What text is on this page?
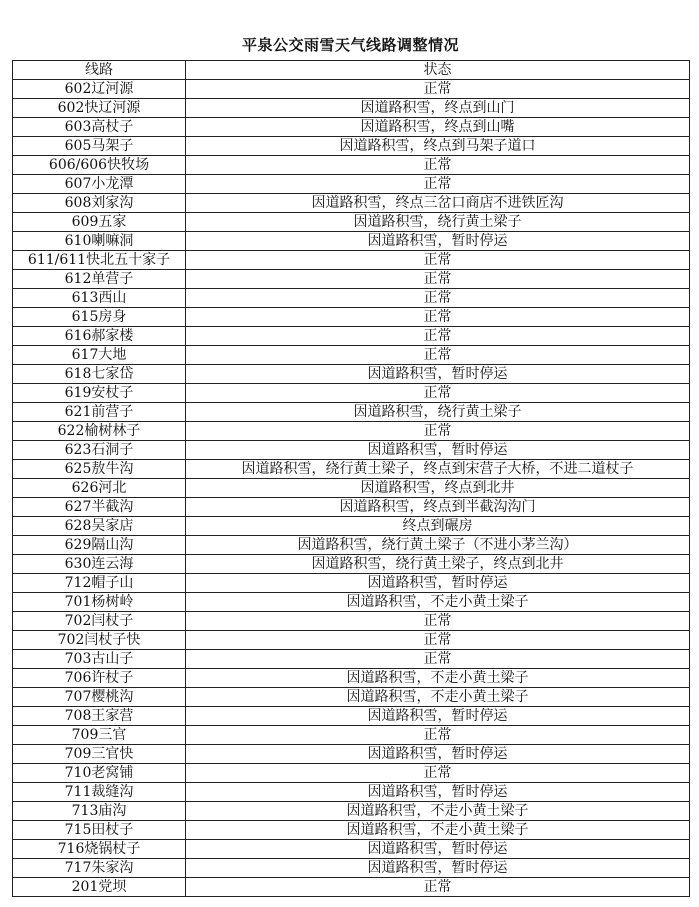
平泉公交雨雪天气线路调整情况
线路	状态
602辽河源	正常
602快辽河源	因道路积雪，终点到山门
603高杖子	因道路积雪，终点到山嘴
605马架子	因道路积雪，终点到马架子道口
606/606快牧场	正常
607小龙潭	正常
608刘家沟	因道路积雪，终点三岔口商店不进铁匠沟
609五家	因道路积雪，绕行黄土梁子
610喇嘛洞	因道路积雪，暂时停运
611/611快北五十家子	正常
612单营子	正常
613西山	正常
615房身	正常
616郝家楼	正常
617大地	正常
618七家岱	因道路积雪，暂时停运
619安杖子	正常
621前营子	因道路积雪，绕行黄土梁子
622榆树林子	正常
623石洞子	因道路积雪，暂时停运
625敖牛沟	因道路积雪，绕行黄土梁子，终点到宋营子大桥，不进二道杖子
626河北	因道路积雪，终点到北井
627半截沟	因道路积雪，终点到半截沟沟门
628吴家店	终点到碾房
629隔山沟	因道路积雪，绕行黄土梁子（不进小茅兰沟）
630连云海	因道路积雪，绕行黄土梁子，终点到北井
712帽子山	因道路积雪，暂时停运
701杨树岭	因道路积雪，不走小黄土梁子
702闫杖子	正常
702闫杖子快	正常
703古山子	正常
706许杖子	因道路积雪，不走小黄土梁子
707樱桃沟	因道路积雪，不走小黄土梁子
708王家营	因道路积雪，暂时停运
709三官	正常
709三官快	因道路积雪，暂时停运
710老窝铺	正常
711裁缝沟	因道路积雪，暂时停运
713庙沟	因道路积雪，不走小黄土梁子
715田杖子	因道路积雪，不走小黄土梁子
716烧锅杖子	因道路积雪，暂时停运
717朱家沟	因道路积雪，暂时停运
201党坝	正常
